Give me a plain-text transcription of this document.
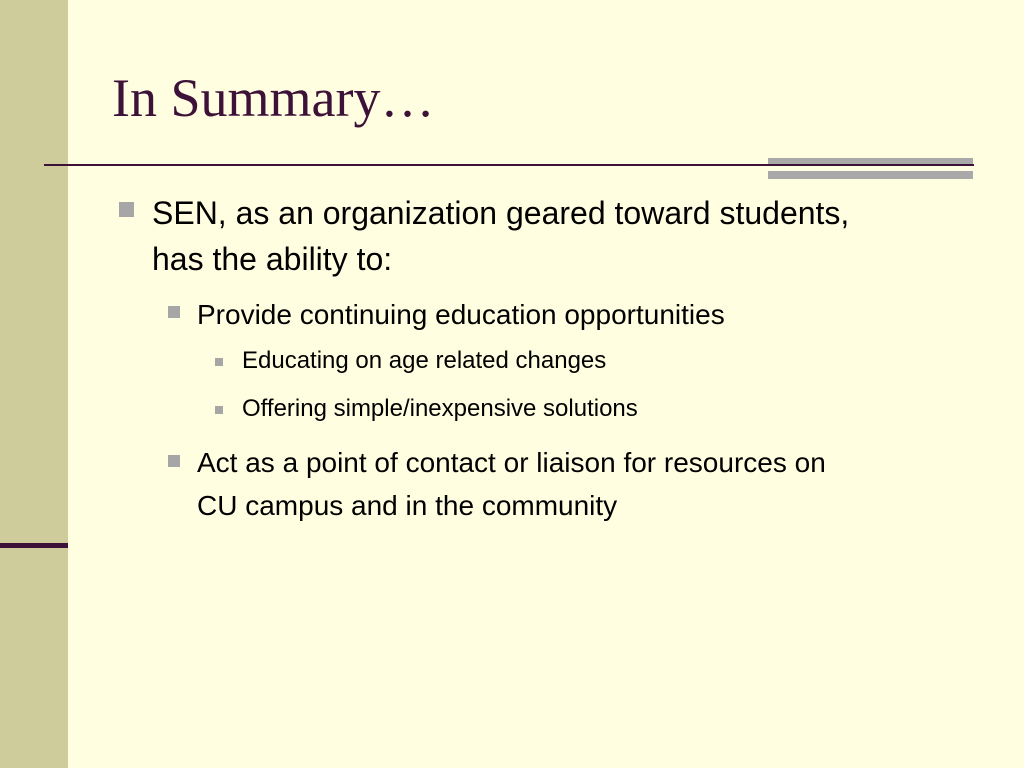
In Summary…

SEN, as an organization geared toward students, has the ability to:

Provide continuing education opportunities

Educating on age related changes

Offering simple/inexpensive solutions

Act as a point of contact or liaison for resources on CU campus and in the community
